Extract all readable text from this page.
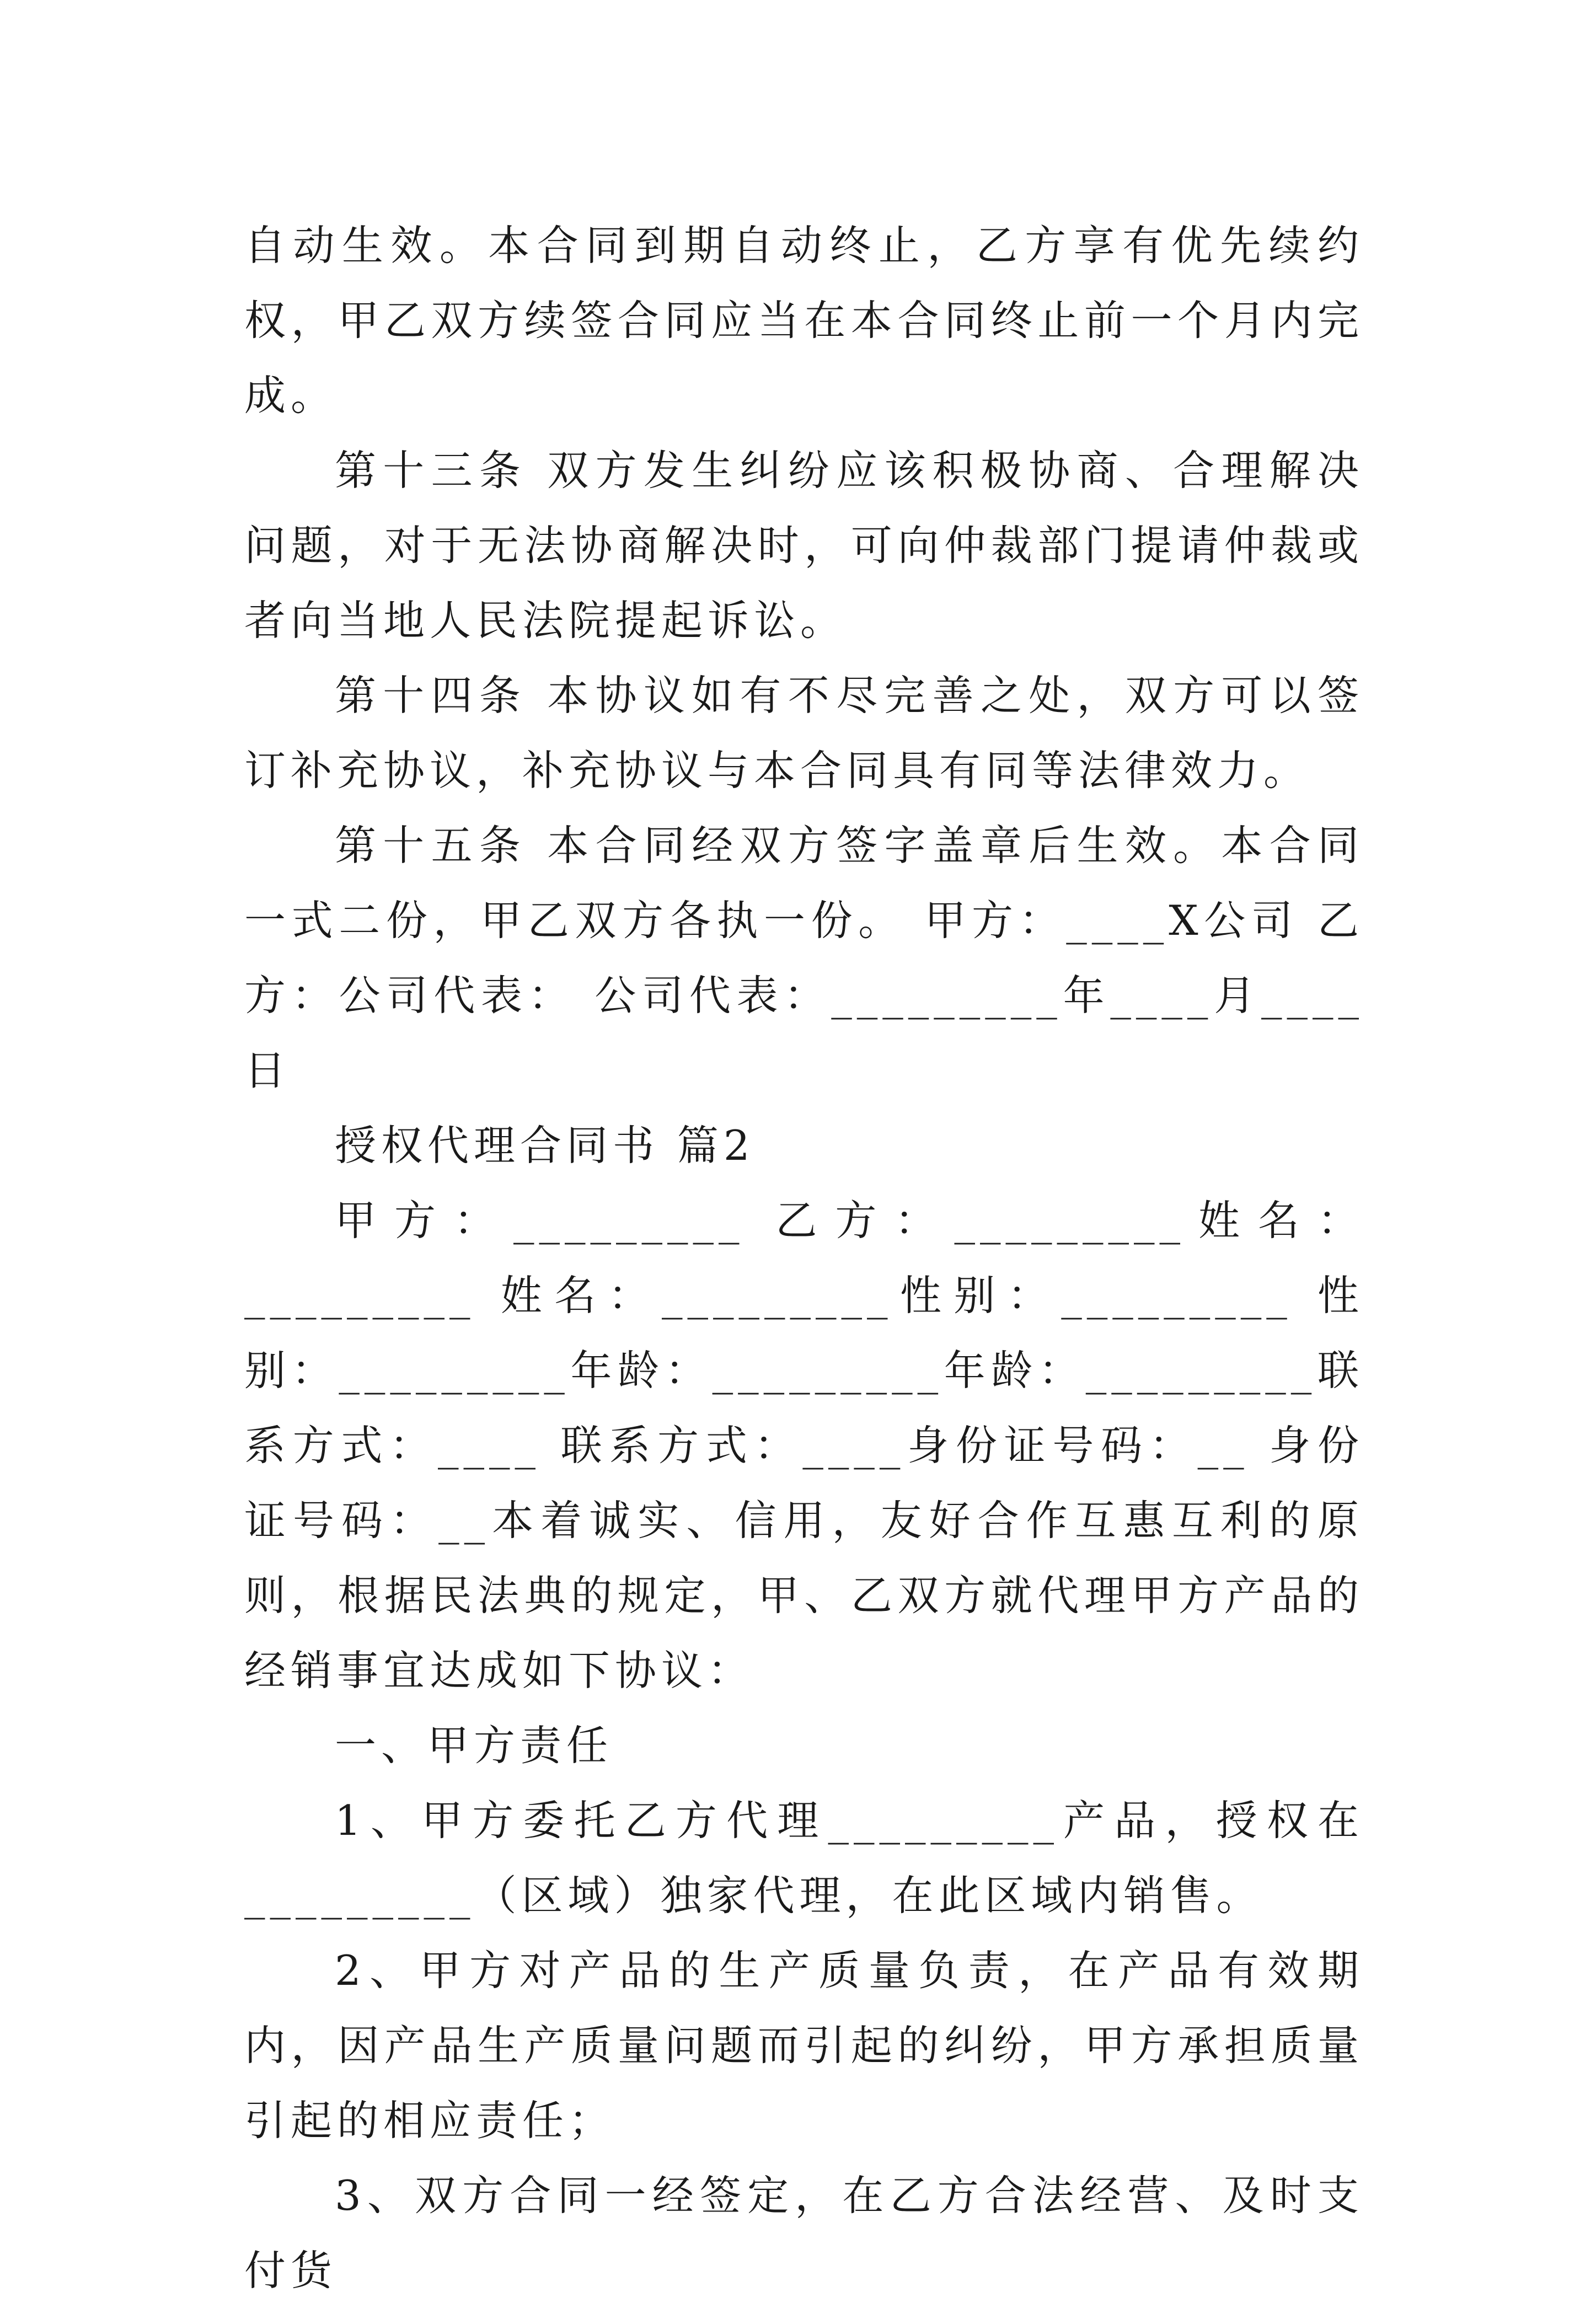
自动生效。本合同到期自动终止，乙方享有优先续约权，甲乙双方续签合同应当在本合同终止前一个月内完成。

第十三条 双方发生纠纷应该积极协商、合理解决问题，对于无法协商解决时，可向仲裁部门提请仲裁或者向当地人民法院提起诉讼。

第十四条 本协议如有不尽完善之处，双方可以签订补充协议，补充协议与本合同具有同等法律效力。

第十五条 本合同经双方签字盖章后生效。本合同一式二份，甲乙双方各执一份。 甲方：____X公司 乙方：公司代表： 公司代表：_________年____月____日

授权代理合同书 篇2

甲方：_________ 乙方：_________姓名：_________ 姓名：_________性别：_________ 性别：_________年龄：_________年龄：_________联系方式：____ 联系方式：____身份证号码：__ 身份证号码：__本着诚实、信用，友好合作互惠互利的原则，根据民法典的规定，甲、乙双方就代理甲方产品的经销事宜达成如下协议：

一、甲方责任

1、甲方委托乙方代理_________产品，授权在_________（区域）独家代理，在此区域内销售。

2、甲方对产品的生产质量负责，在产品有效期内，因产品生产质量问题而引起的纠纷，甲方承担质量引起的相应责任；

3、双方合同一经签定，在乙方合法经营、及时支付货
